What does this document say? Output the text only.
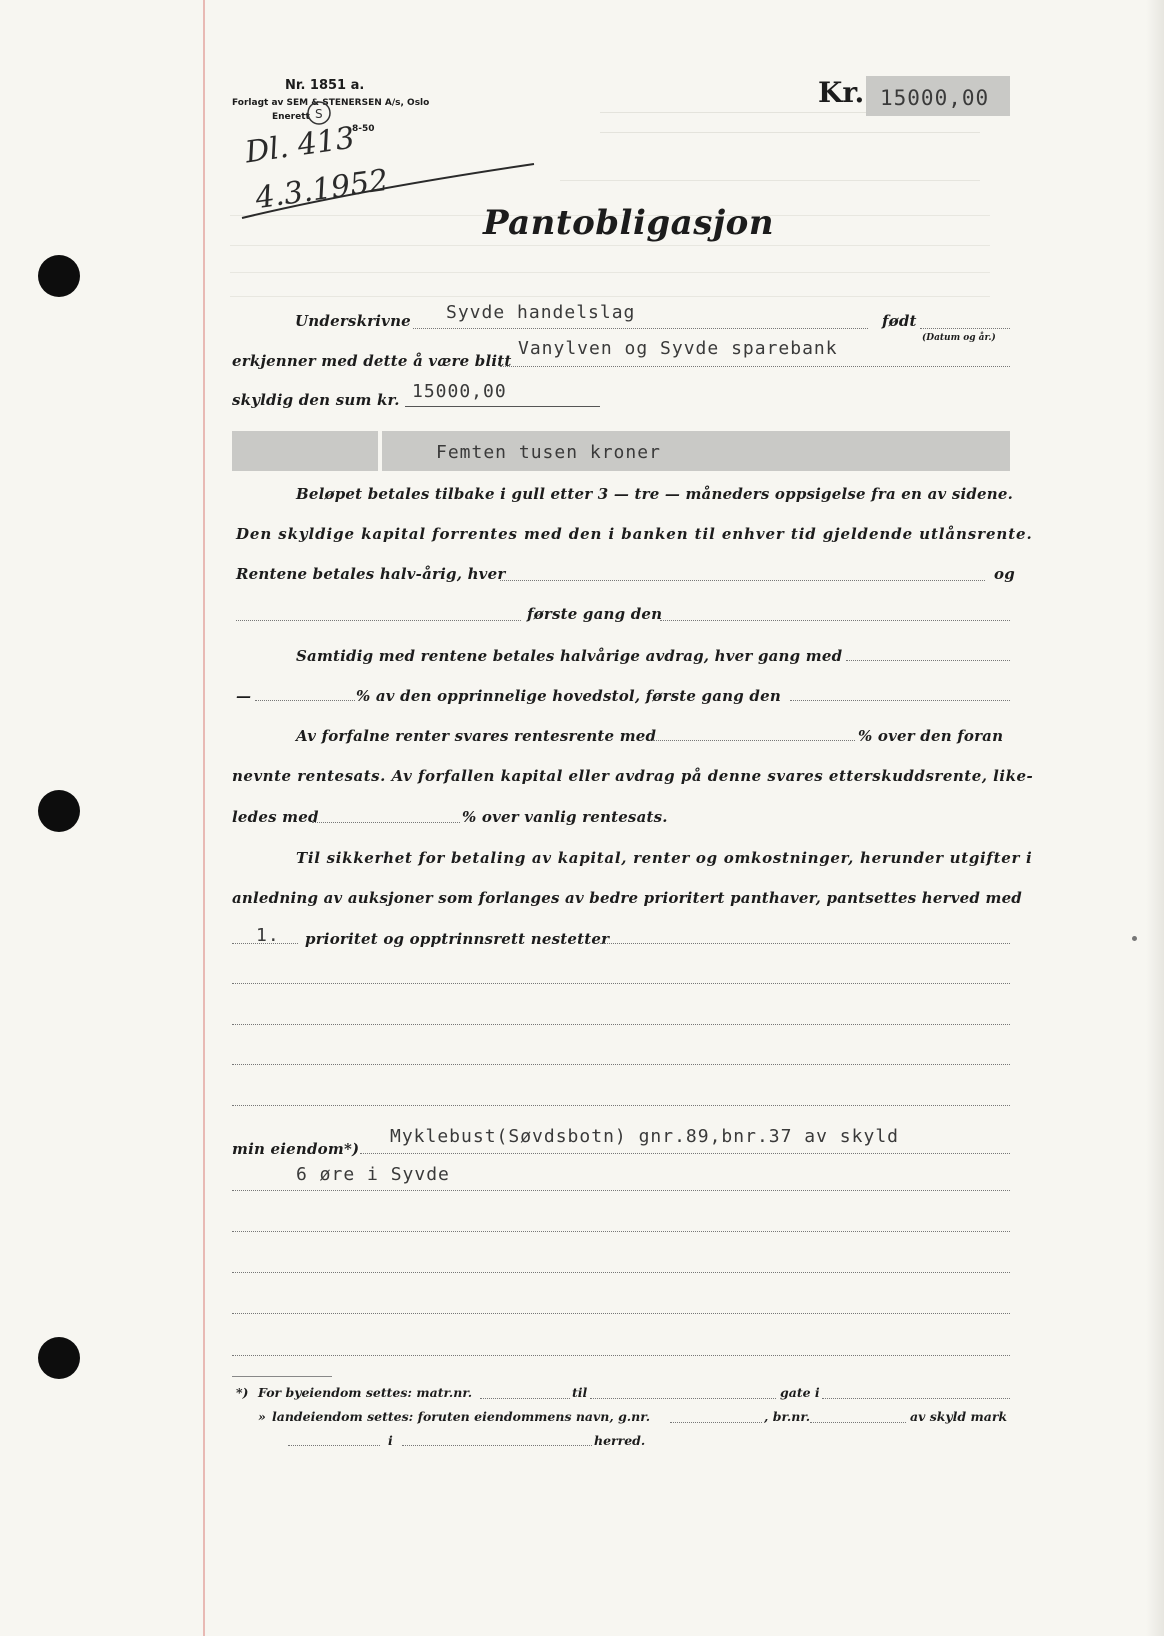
Nr. 1851 a.
Forlagt av SEM & STENERSEN A/s, Oslo
Enerett S
8-50
Kr. 15000,00
Dl. 413
4.3.1952
Pantobligasjon
Underskrivne Syvde handelslag	født
(Datum og år.)
erkjenner med dette å være blitt
Vanylven og Syvde sparebank
skyldig den sum kr. 15000,00
Femten tusen kroner
Beløpet betales tilbake i gull etter 3 — tre — måneders oppsigelse fra en av sidene.
Den skyldige kapital forrentes med den i banken til enhver tid gjeldende utlånsrente.
Rentene betales halv-årig, hver	og
første gang den
Samtidig med rentene betales halvårige avdrag, hver gang med
—	% av den opprinnelige hovedstol, første gang den
Av forfalne renter svares rentesrente med	% over den foran
nevnte rentesats. Av forfallen kapital eller avdrag på denne svares etterskuddsrente, like-
ledes med	% over vanlig rentesats.
Til sikkerhet for betaling av kapital, renter og omkostninger, herunder utgifter i
anledning av auksjoner som forlanges av bedre prioritert panthaver, pantsettes herved med
1. prioritet og opptrinnsrett nestetter
min eiendom*)
Myklebust(Søvdsbotn) gnr.89,bnr.37 av skyld
6 øre i Syvde
*) For byeiendom settes: matr.nr.	til	gate i
» landeiendom settes: foruten eiendommens navn, g.nr.	, br.nr.	av skyld mark
i	herred.
